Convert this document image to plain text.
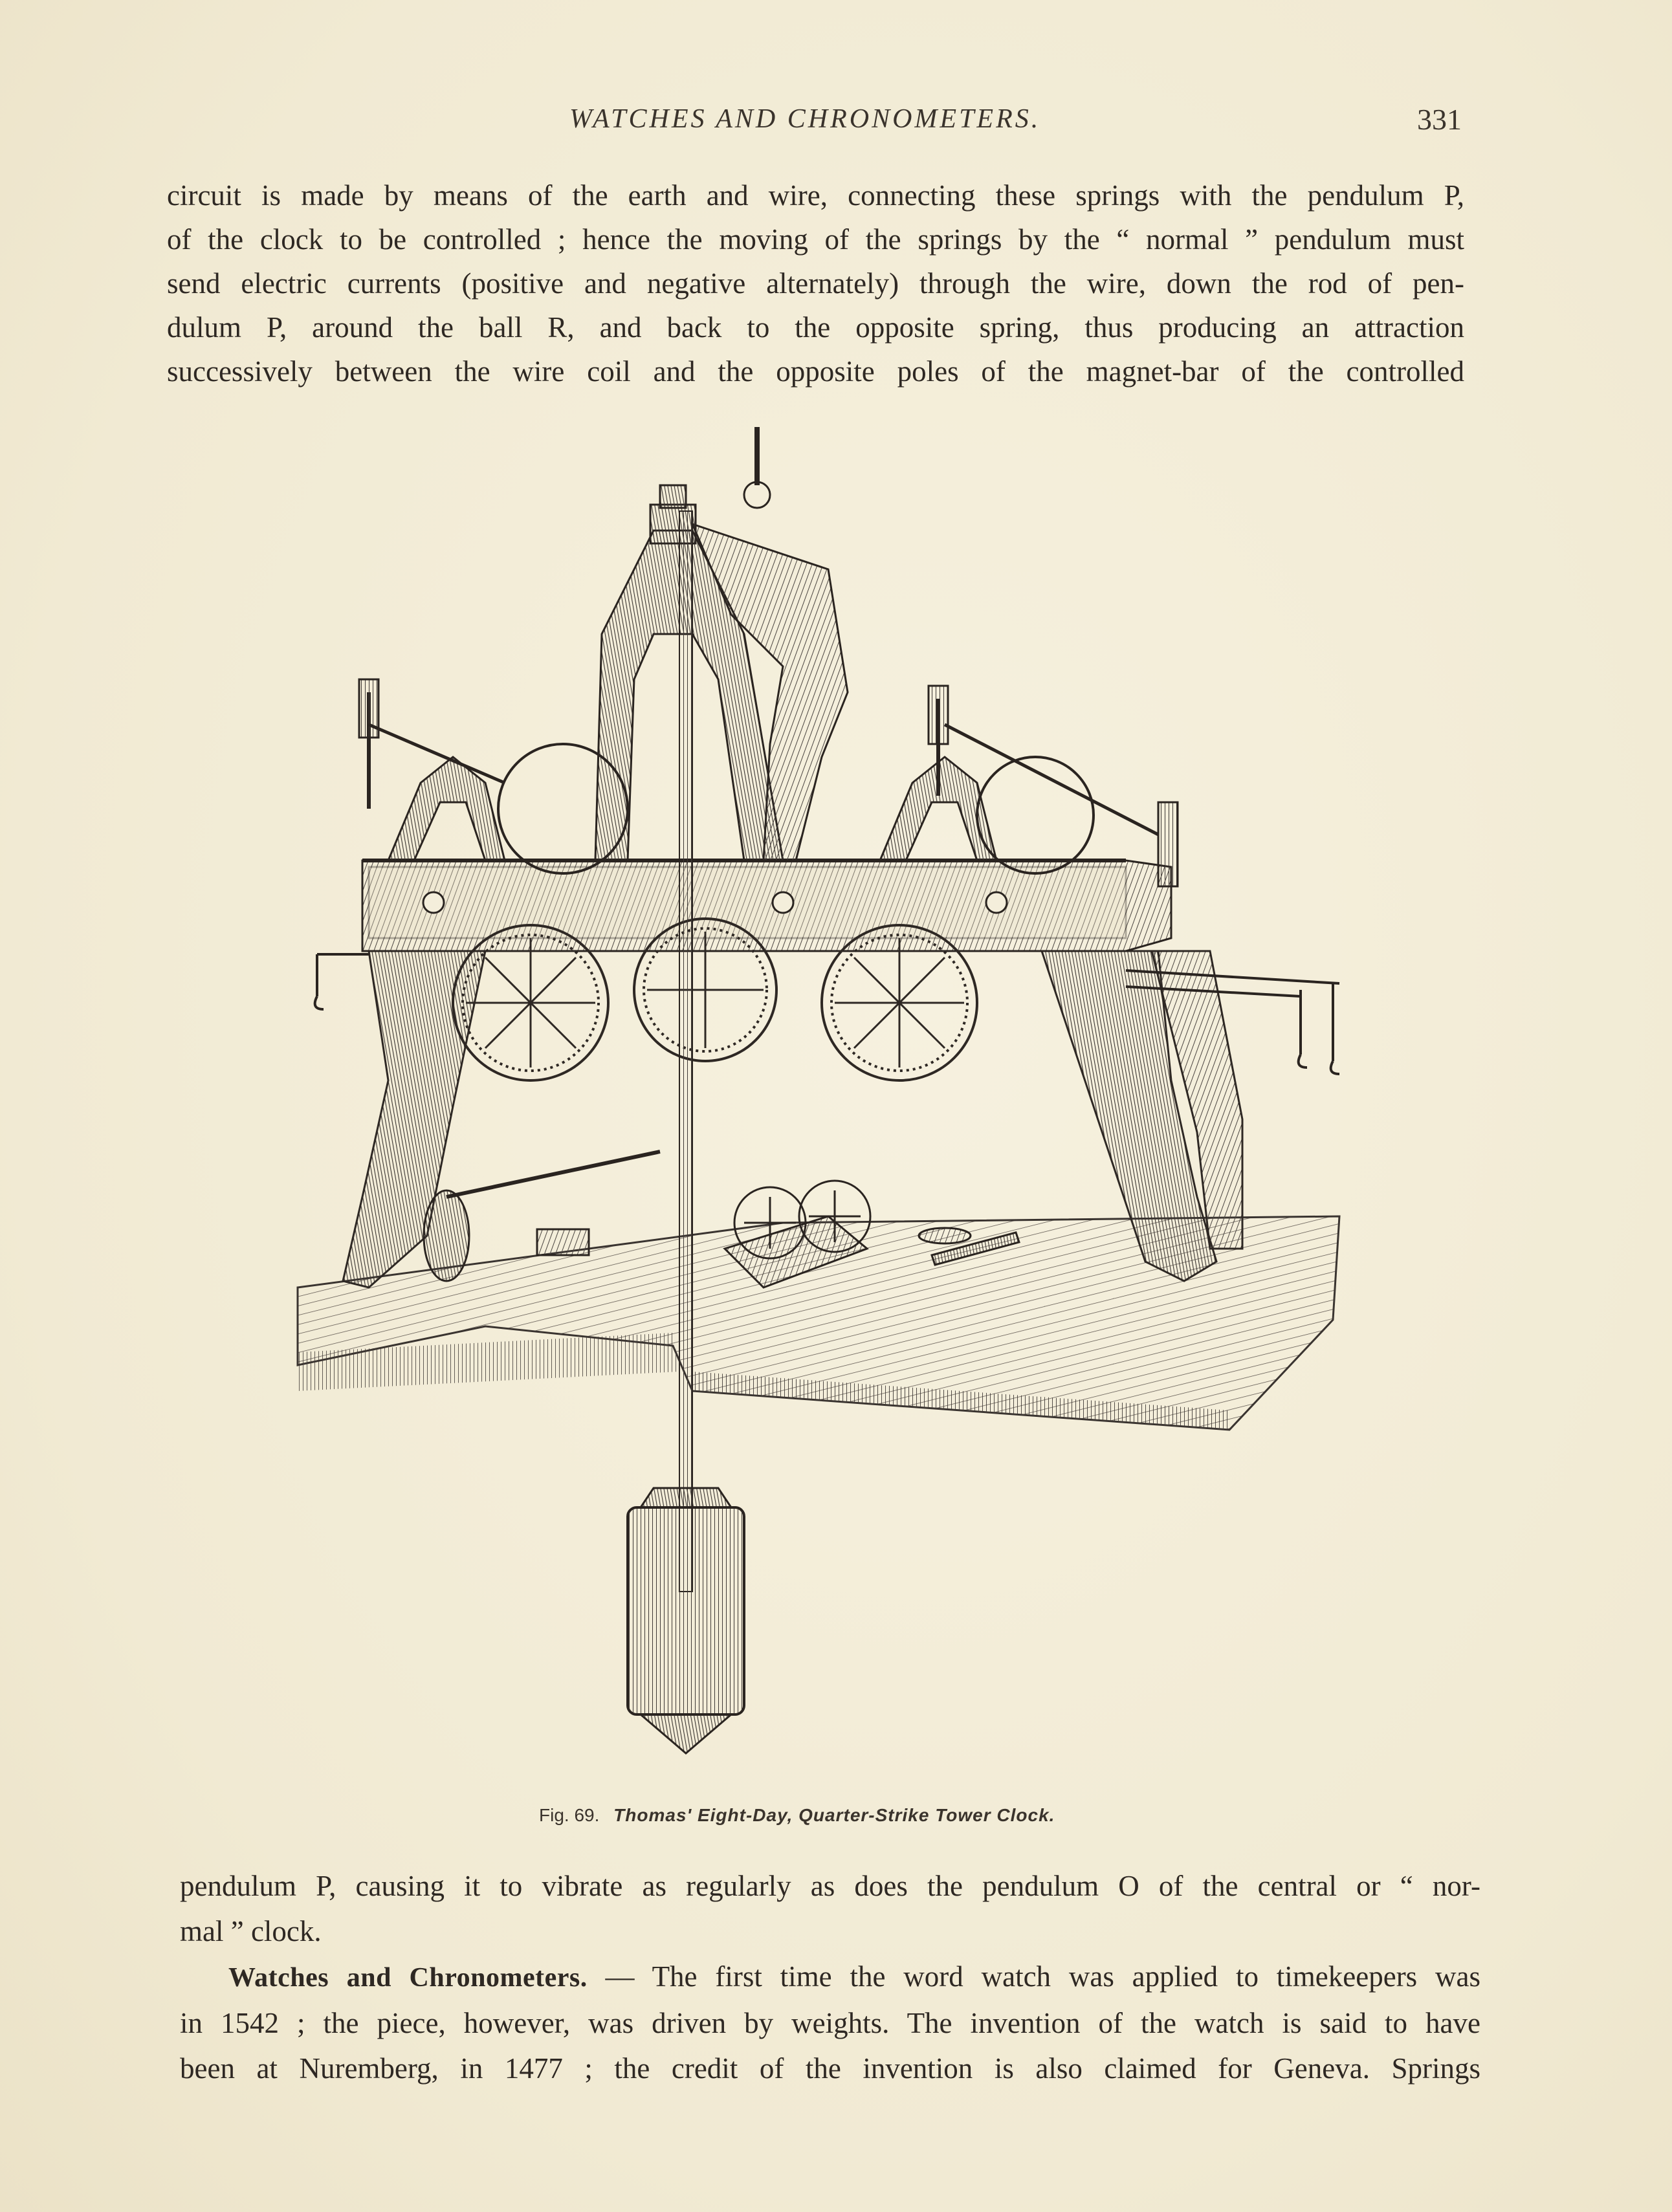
WATCHES AND CHRONOMETERS.	331
circuit is made by means of the earth and wire, connecting these springs with the pendulum P,
of the clock to be controlled ; hence the moving of the springs by the “ normal ” pendulum must
send electric currents (positive and negative alternately) through the wire, down the rod of pen-
dulum P, around the ball R, and back to the opposite spring, thus producing an attraction
successively between the wire coil and the opposite poles of the magnet-bar of the controlled
Fig. 69. Thomas' Eight-Day, Quarter-Strike Tower Clock.
pendulum P, causing it to vibrate as regularly as does the pendulum O of the central or “ nor-
mal ” clock.
Watches and Chronometers. — The first time the word watch was applied to timekeepers was
in 1542 ; the piece, however, was driven by weights. The invention of the watch is said to have
been at Nuremberg, in 1477 ; the credit of the invention is also claimed for Geneva. Springs
